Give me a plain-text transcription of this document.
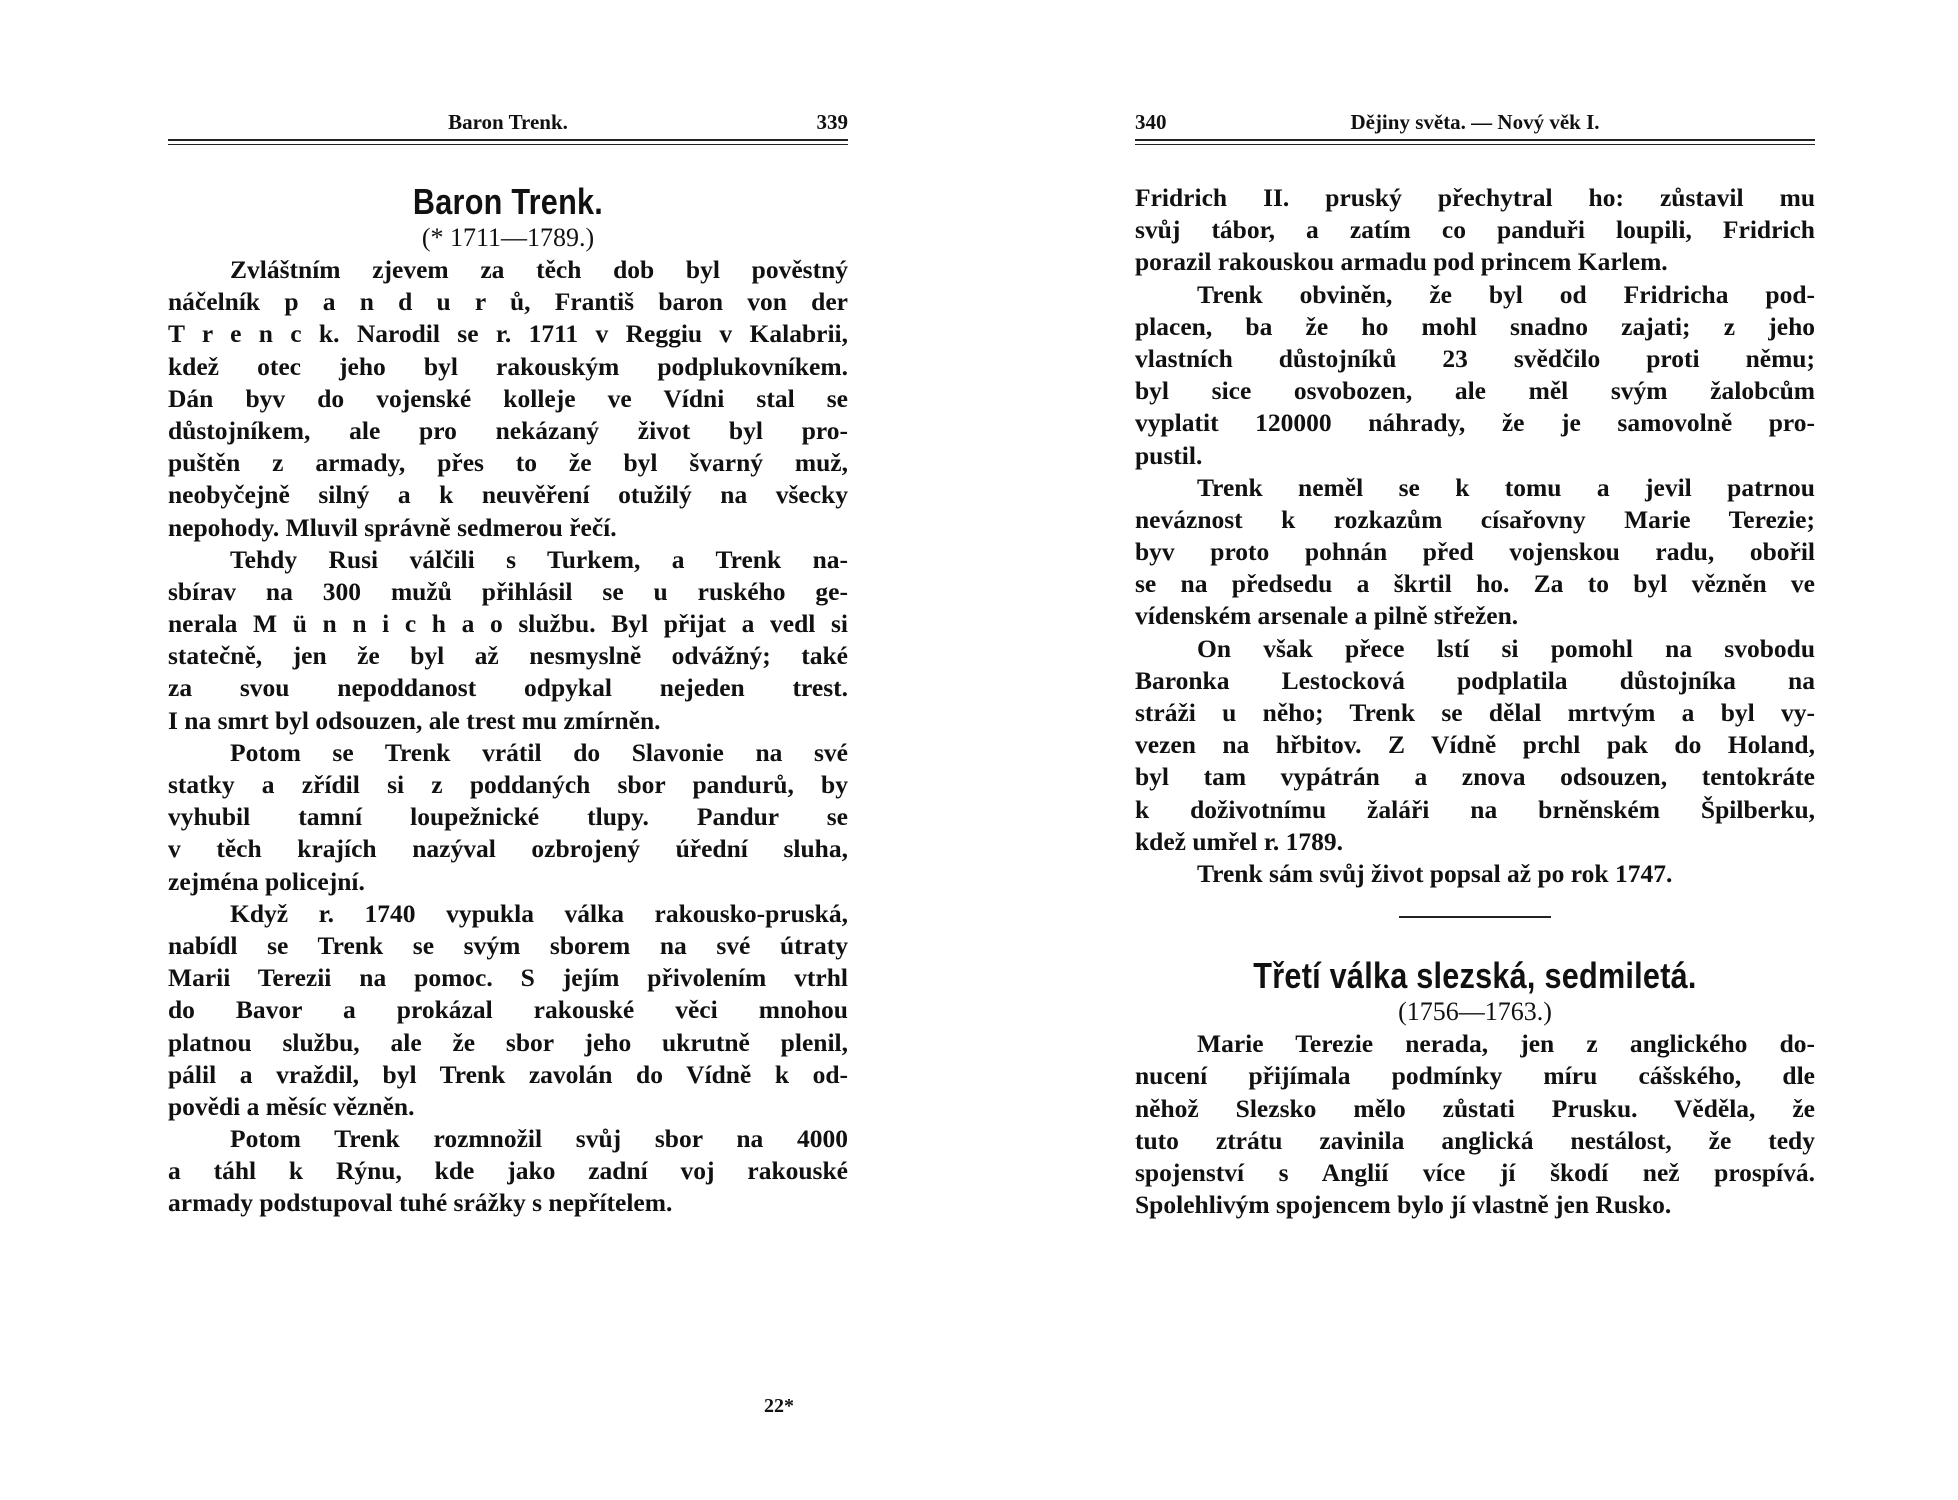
Baron Trenk.	339
Baron Trenk.
(* 1711—1789.)
Zvláštním zjevem za těch dob byl pověstný
náčelník p a n d u r ů, Františ baron von der
T r e n c k. Narodil se r. 1711 v Reggiu v Kalabrii,
kdež otec jeho byl rakouským podplukovníkem.
Dán byv do vojenské kolleje ve Vídni stal se
důstojníkem, ale pro nekázaný život byl pro-
puštěn z armady, přes to že byl švarný muž,
neobyčejně silný a k neuvěření otužilý na všecky
nepohody. Mluvil správně sedmerou řečí.
Tehdy Rusi válčili s Turkem, a Trenk na-
sbírav na 300 mužů přihlásil se u ruského ge-
nerala M ü n n i c h a o službu. Byl přijat a vedl si
statečně, jen že byl až nesmyslně odvážný; také
za svou nepoddanost odpykal nejeden trest.
I na smrt byl odsouzen, ale trest mu zmírněn.
Potom se Trenk vrátil do Slavonie na své
statky a zřídil si z poddaných sbor pandurů, by
vyhubil tamní loupežnické tlupy. Pandur se
v těch krajích nazýval ozbrojený úřední sluha,
zejména policejní.
Když r. 1740 vypukla válka rakousko-pruská,
nabídl se Trenk se svým sborem na své útraty
Marii Terezii na pomoc. S jejím přivolením vtrhl
do Bavor a prokázal rakouské věci mnohou
platnou službu, ale že sbor jeho ukrutně plenil,
pálil a vraždil, byl Trenk zavolán do Vídně k od-
povědi a měsíc vězněn.
Potom Trenk rozmnožil svůj sbor na 4000
a táhl k Rýnu, kde jako zadní voj rakouské
armady podstupoval tuhé srážky s nepřítelem.
22*
340	Dějiny světa. — Nový věk I.
Fridrich II. pruský přechytral ho: zůstavil mu
svůj tábor, a zatím co panduři loupili, Fridrich
porazil rakouskou armadu pod princem Karlem.
Trenk obviněn, že byl od Fridricha pod-
placen, ba že ho mohl snadno zajati; z jeho
vlastních důstojníků 23 svědčilo proti němu;
byl sice osvobozen, ale měl svým žalobcům
vyplatit 120000 náhrady, že je samovolně pro-
pustil.
Trenk neměl se k tomu a jevil patrnou
neváznost k rozkazům císařovny Marie Terezie;
byv proto pohnán před vojenskou radu, obořil
se na předsedu a škrtil ho. Za to byl vězněn ve
vídenském arsenale a pilně střežen.
On však přece lstí si pomohl na svobodu
Baronka Lestocková podplatila důstojníka na
stráži u něho; Trenk se dělal mrtvým a byl vy-
vezen na hřbitov. Z Vídně prchl pak do Holand,
byl tam vypátrán a znova odsouzen, tentokráte
k doživotnímu žaláři na brněnském Špilberku,
kdež umřel r. 1789.
Trenk sám svůj život popsal až po rok 1747.
Třetí válka slezská, sedmiletá.
(1756—1763.)
Marie Terezie nerada, jen z anglického do-
nucení přijímala podmínky míru cášského, dle
něhož Slezsko mělo zůstati Prusku. Věděla, že
tuto ztrátu zavinila anglická nestálost, že tedy
spojenství s Anglií více jí škodí než prospívá.
Spolehlivým spojencem bylo jí vlastně jen Rusko.
